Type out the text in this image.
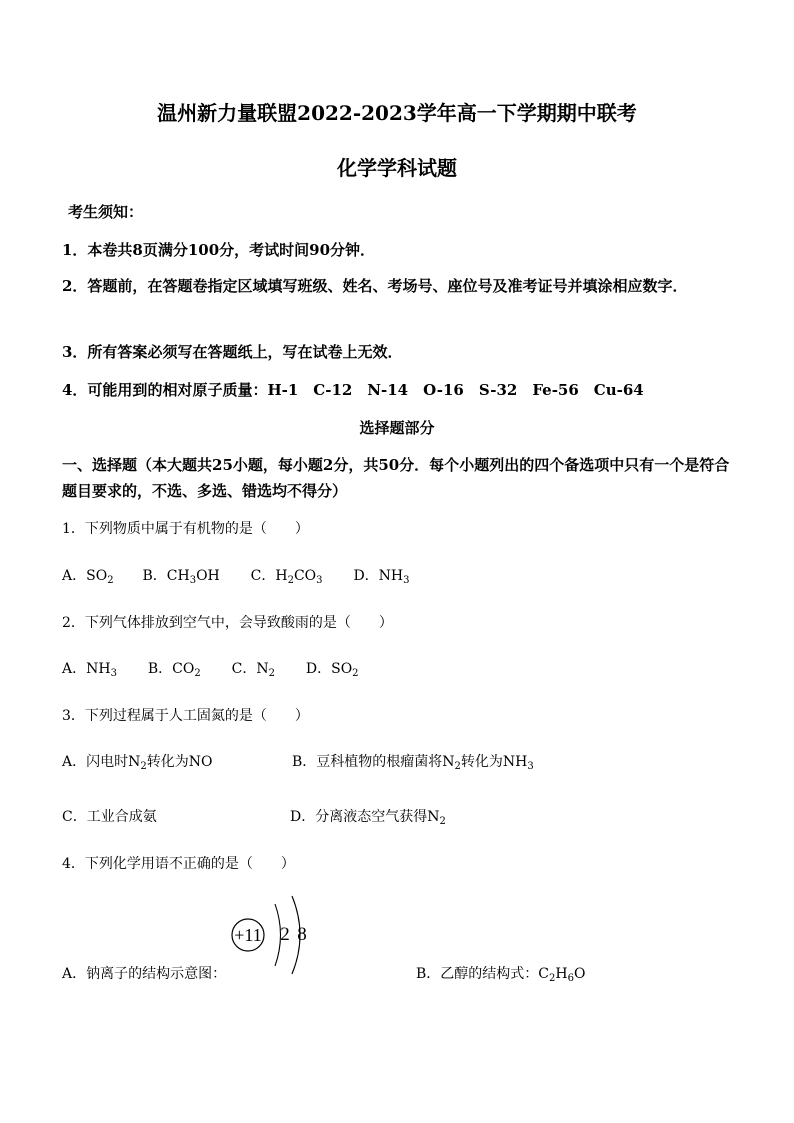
温州新力量联盟2022-2023学年高一下学期期中联考
化学学科试题
考生须知：
1．本卷共8页满分100分，考试时间90分钟．
2．答题前，在答题卷指定区域填写班级、姓名、考场号、座位号及准考证号并填涂相应数字．
3．所有答案必须写在答题纸上，写在试卷上无效．
4．可能用到的相对原子质量：H-1　C-12　N-14　O-16　S-32　Fe-56　Cu-64
选择题部分
一、选择题（本大题共25小题，每小题2分，共50分．每个小题列出的四个备选项中只有一个是符合题目要求的，不选、多选、错选均不得分）
1．下列物质中属于有机物的是（　　）
A．$SO_2$ B．$CH_3OH$ C．$H_2CO_3$ D．$NH_3$
2．下列气体排放到空气中，会导致酸雨的是（　　）
A．$NH_3$ B．$CO_2$ C．$N_2$ D．$SO_2$
3．下列过程属于人工固氮的是（　　）
A．闪电时$N_2$转化为NO	B．豆科植物的根瘤菌将$N_2$转化为$NH_3$
C．工业合成氨	D．分离液态空气获得$N_2$
4．下列化学用语不正确的是（　　）
+11 2 8
A．钠离子的结构示意图：	B．乙醇的结构式：$C_2H_6O$
